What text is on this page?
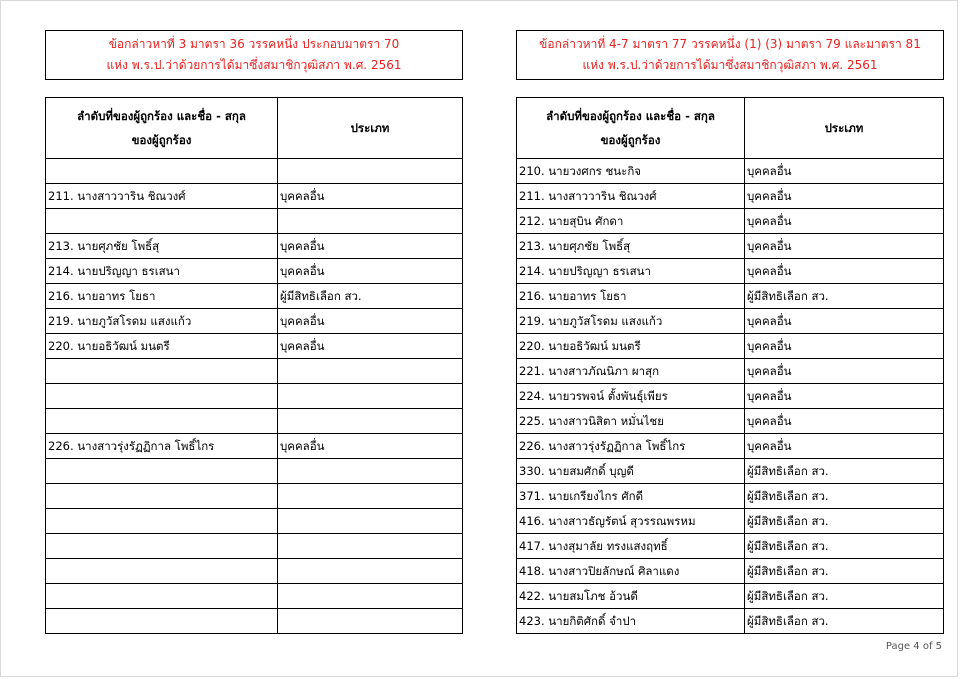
ข้อกล่าวหาที่ 3 มาตรา 36 วรรคหนึ่ง ประกอบมาตรา 70
แห่ง พ.ร.ป.ว่าด้วยการได้มาซึ่งสมาชิกวุฒิสภา พ.ศ. 2561
ข้อกล่าวหาที่ 4-7 มาตรา 77 วรรคหนึ่ง (1) (3) มาตรา 79 และมาตรา 81
แห่ง พ.ร.ป.ว่าด้วยการได้มาซึ่งสมาชิกวุฒิสภา พ.ศ. 2561
ลำดับที่ของผู้ถูกร้อง และชื่อ - สกุล
ของผู้ถูกร้อง	ประเภท

211. นางสาววาริน ชิณวงศ์	บุคคลอื่น

213. นายศุภชัย โพธิ์สุ	บุคคลอื่น
214. นายปริญญา ธรเสนา	บุคคลอื่น
216. นายอาทร โยธา	ผู้มีสิทธิเลือก สว.
219. นายภูวัสโรดม แสงแก้ว	บุคคลอื่น
220. นายอธิวัฒน์ มนตรี	บุคคลอื่น

226. นางสาวรุ่งรัฏฏิกาล โพธิ์ไกร	บุคคลอื่น

ลำดับที่ของผู้ถูกร้อง และชื่อ - สกุล
ของผู้ถูกร้อง	ประเภท
210. นายวงศกร ชนะกิจ	บุคคลอื่น
211. นางสาววาริน ชิณวงศ์	บุคคลอื่น
212. นายสุบิน ศักดา	บุคคลอื่น
213. นายศุภชัย โพธิ์สุ	บุคคลอื่น
214. นายปริญญา ธรเสนา	บุคคลอื่น
216. นายอาทร โยธา	ผู้มีสิทธิเลือก สว.
219. นายภูวัสโรดม แสงแก้ว	บุคคลอื่น
220. นายอธิวัฒน์ มนตรี	บุคคลอื่น
221. นางสาวภัณนิภา ผาสุก	บุคคลอื่น
224. นายวรพจน์ ตั้งพันธุ์เพียร	บุคคลอื่น
225. นางสาวนิสิตา หมั่นไชย	บุคคลอื่น
226. นางสาวรุ่งรัฏฏิกาล โพธิ์ไกร	บุคคลอื่น
330. นายสมศักดิ์ บุญดี	ผู้มีสิทธิเลือก สว.
371. นายเกรียงไกร ศักดี	ผู้มีสิทธิเลือก สว.
416. นางสาวธัญรัตน์ สุวรรณพรหม	ผู้มีสิทธิเลือก สว.
417. นางสุมาลัย ทรงแสงฤทธิ์	ผู้มีสิทธิเลือก สว.
418. นางสาวปิยลักษณ์ ศิลาแดง	ผู้มีสิทธิเลือก สว.
422. นายสมโภช อ้วนดี	ผู้มีสิทธิเลือก สว.
423. นายกิติศักดิ์ จำปา	ผู้มีสิทธิเลือก สว.
Page 4 of 5
